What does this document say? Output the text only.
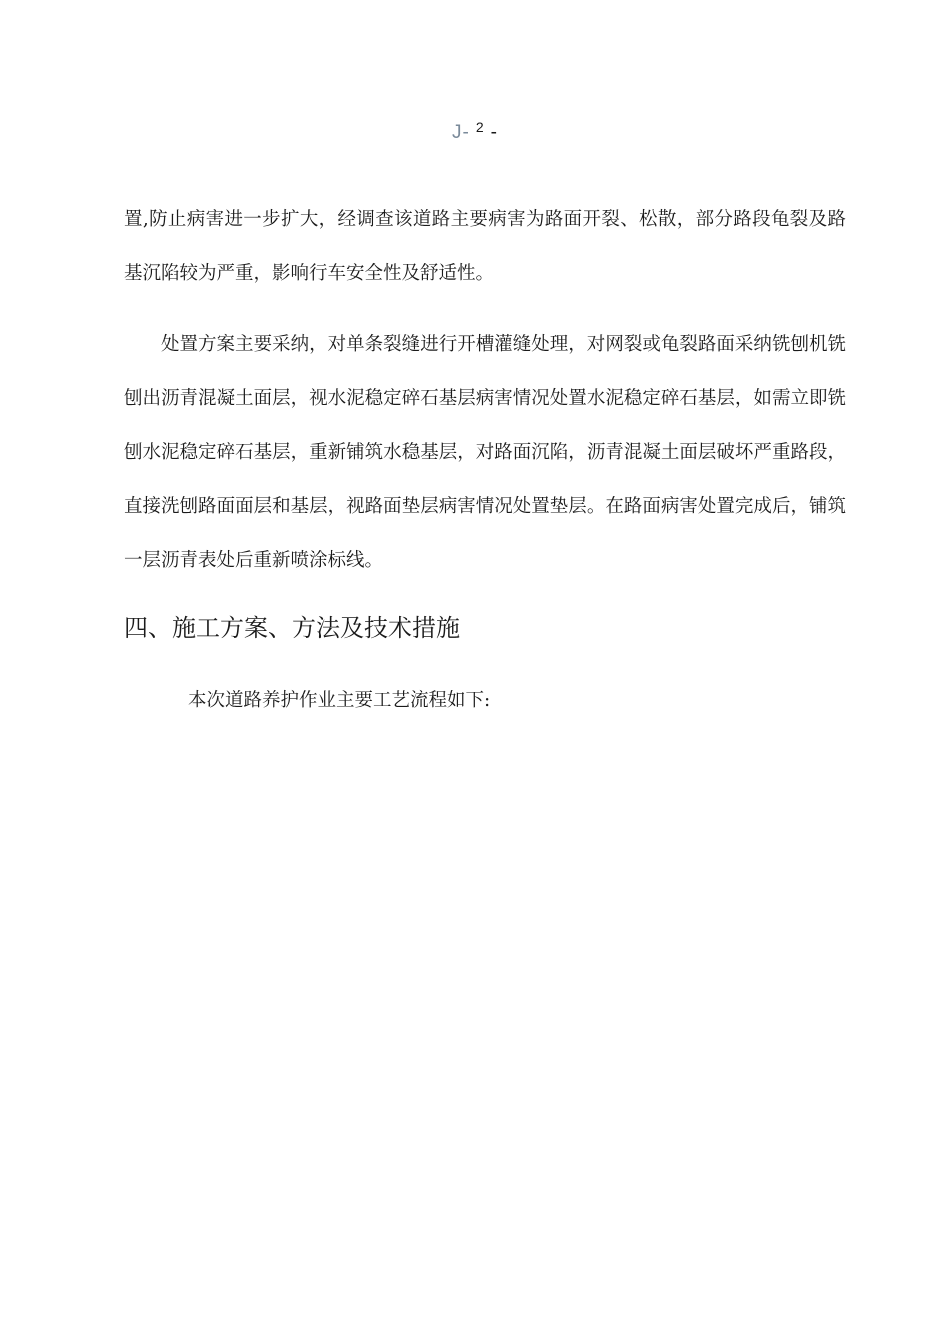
J- $^2$ -

置,防止病害进一步扩大，经调查该道路主要病害为路面开裂、松散，部分路段龟裂及路基沉陷较为严重，影响行车安全性及舒适性。

处置方案主要采纳，对单条裂缝进行开槽灌缝处理，对网裂或龟裂路面采纳铣刨机铣刨出沥青混凝土面层，视水泥稳定碎石基层病害情况处置水泥稳定碎石基层，如需立即铣刨水泥稳定碎石基层，重新铺筑水稳基层，对路面沉陷，沥青混凝土面层破坏严重路段，直接洗刨路面面层和基层，视路面垫层病害情况处置垫层。在路面病害处置完成后，铺筑一层沥青表处后重新喷涂标线。

四、施工方案、方法及技术措施

本次道路养护作业主要工艺流程如下:
